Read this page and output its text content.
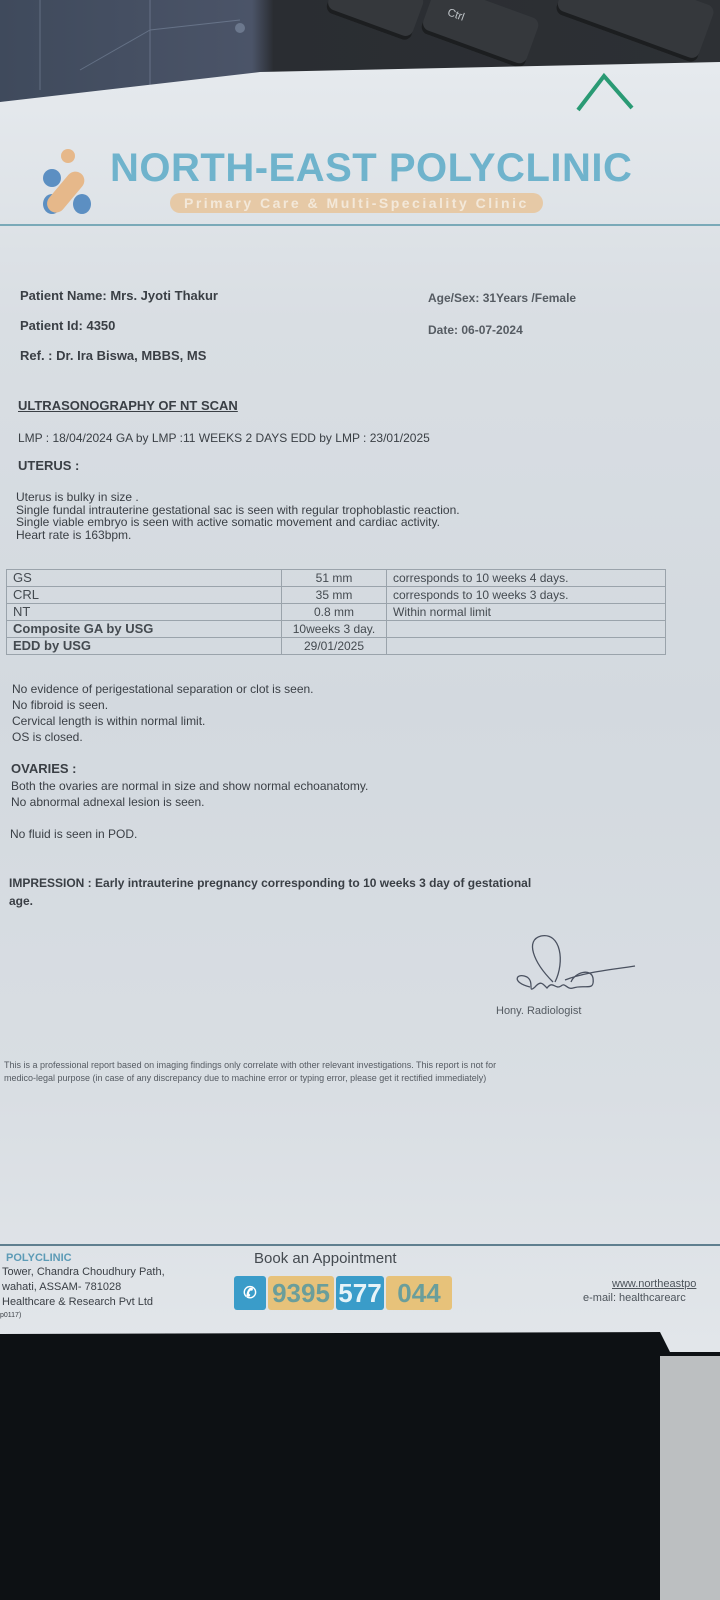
Ctrl
NORTH-EAST POLYCLINIC
Primary Care & Multi-Speciality Clinic
Patient Name: Mrs. Jyoti Thakur
Patient Id: 4350
Ref. : Dr. Ira Biswa, MBBS, MS
Age/Sex: 31Years /Female
Date: 06-07-2024
ULTRASONOGRAPHY OF NT SCAN
LMP : 18/04/2024 GA by LMP :11 WEEKS 2 DAYS EDD by LMP : 23/01/2025
UTERUS :
Uterus is bulky in size .
Single fundal intrauterine gestational sac is seen with regular trophoblastic reaction.
Single viable embryo is seen with active somatic movement and cardiac activity.
Heart rate is 163bpm.
GS	51 mm	corresponds to 10 weeks 4 days.
CRL	35 mm	corresponds to 10 weeks 3 days.
NT	0.8 mm	Within normal limit
Composite GA by USG	10weeks 3 day.	
EDD by USG	29/01/2025	
No evidence of perigestational separation or clot is seen.
No fibroid is seen.
Cervical length is within normal limit.
OS is closed.
OVARIES :
Both the ovaries are normal in size and show normal echoanatomy.
No abnormal adnexal lesion is seen.
No fluid is seen in POD.
IMPRESSION : Early intrauterine pregnancy corresponding to 10 weeks 3 day of gestational
age.
Hony. Radiologist
This is a professional report based on imaging findings only correlate with other relevant investigations. This report is not for
medico-legal purpose (in case of any discrepancy due to machine error or typing error, please get it rectified immediately)
POLYCLINIC
Tower, Chandra Choudhury Path,
wahati, ASSAM- 781028
Healthcare & Research Pvt Ltd
p0117)
Book an Appointment
✆ 9395 577 044	www.northeastpo
e-mail: healthcarearc
